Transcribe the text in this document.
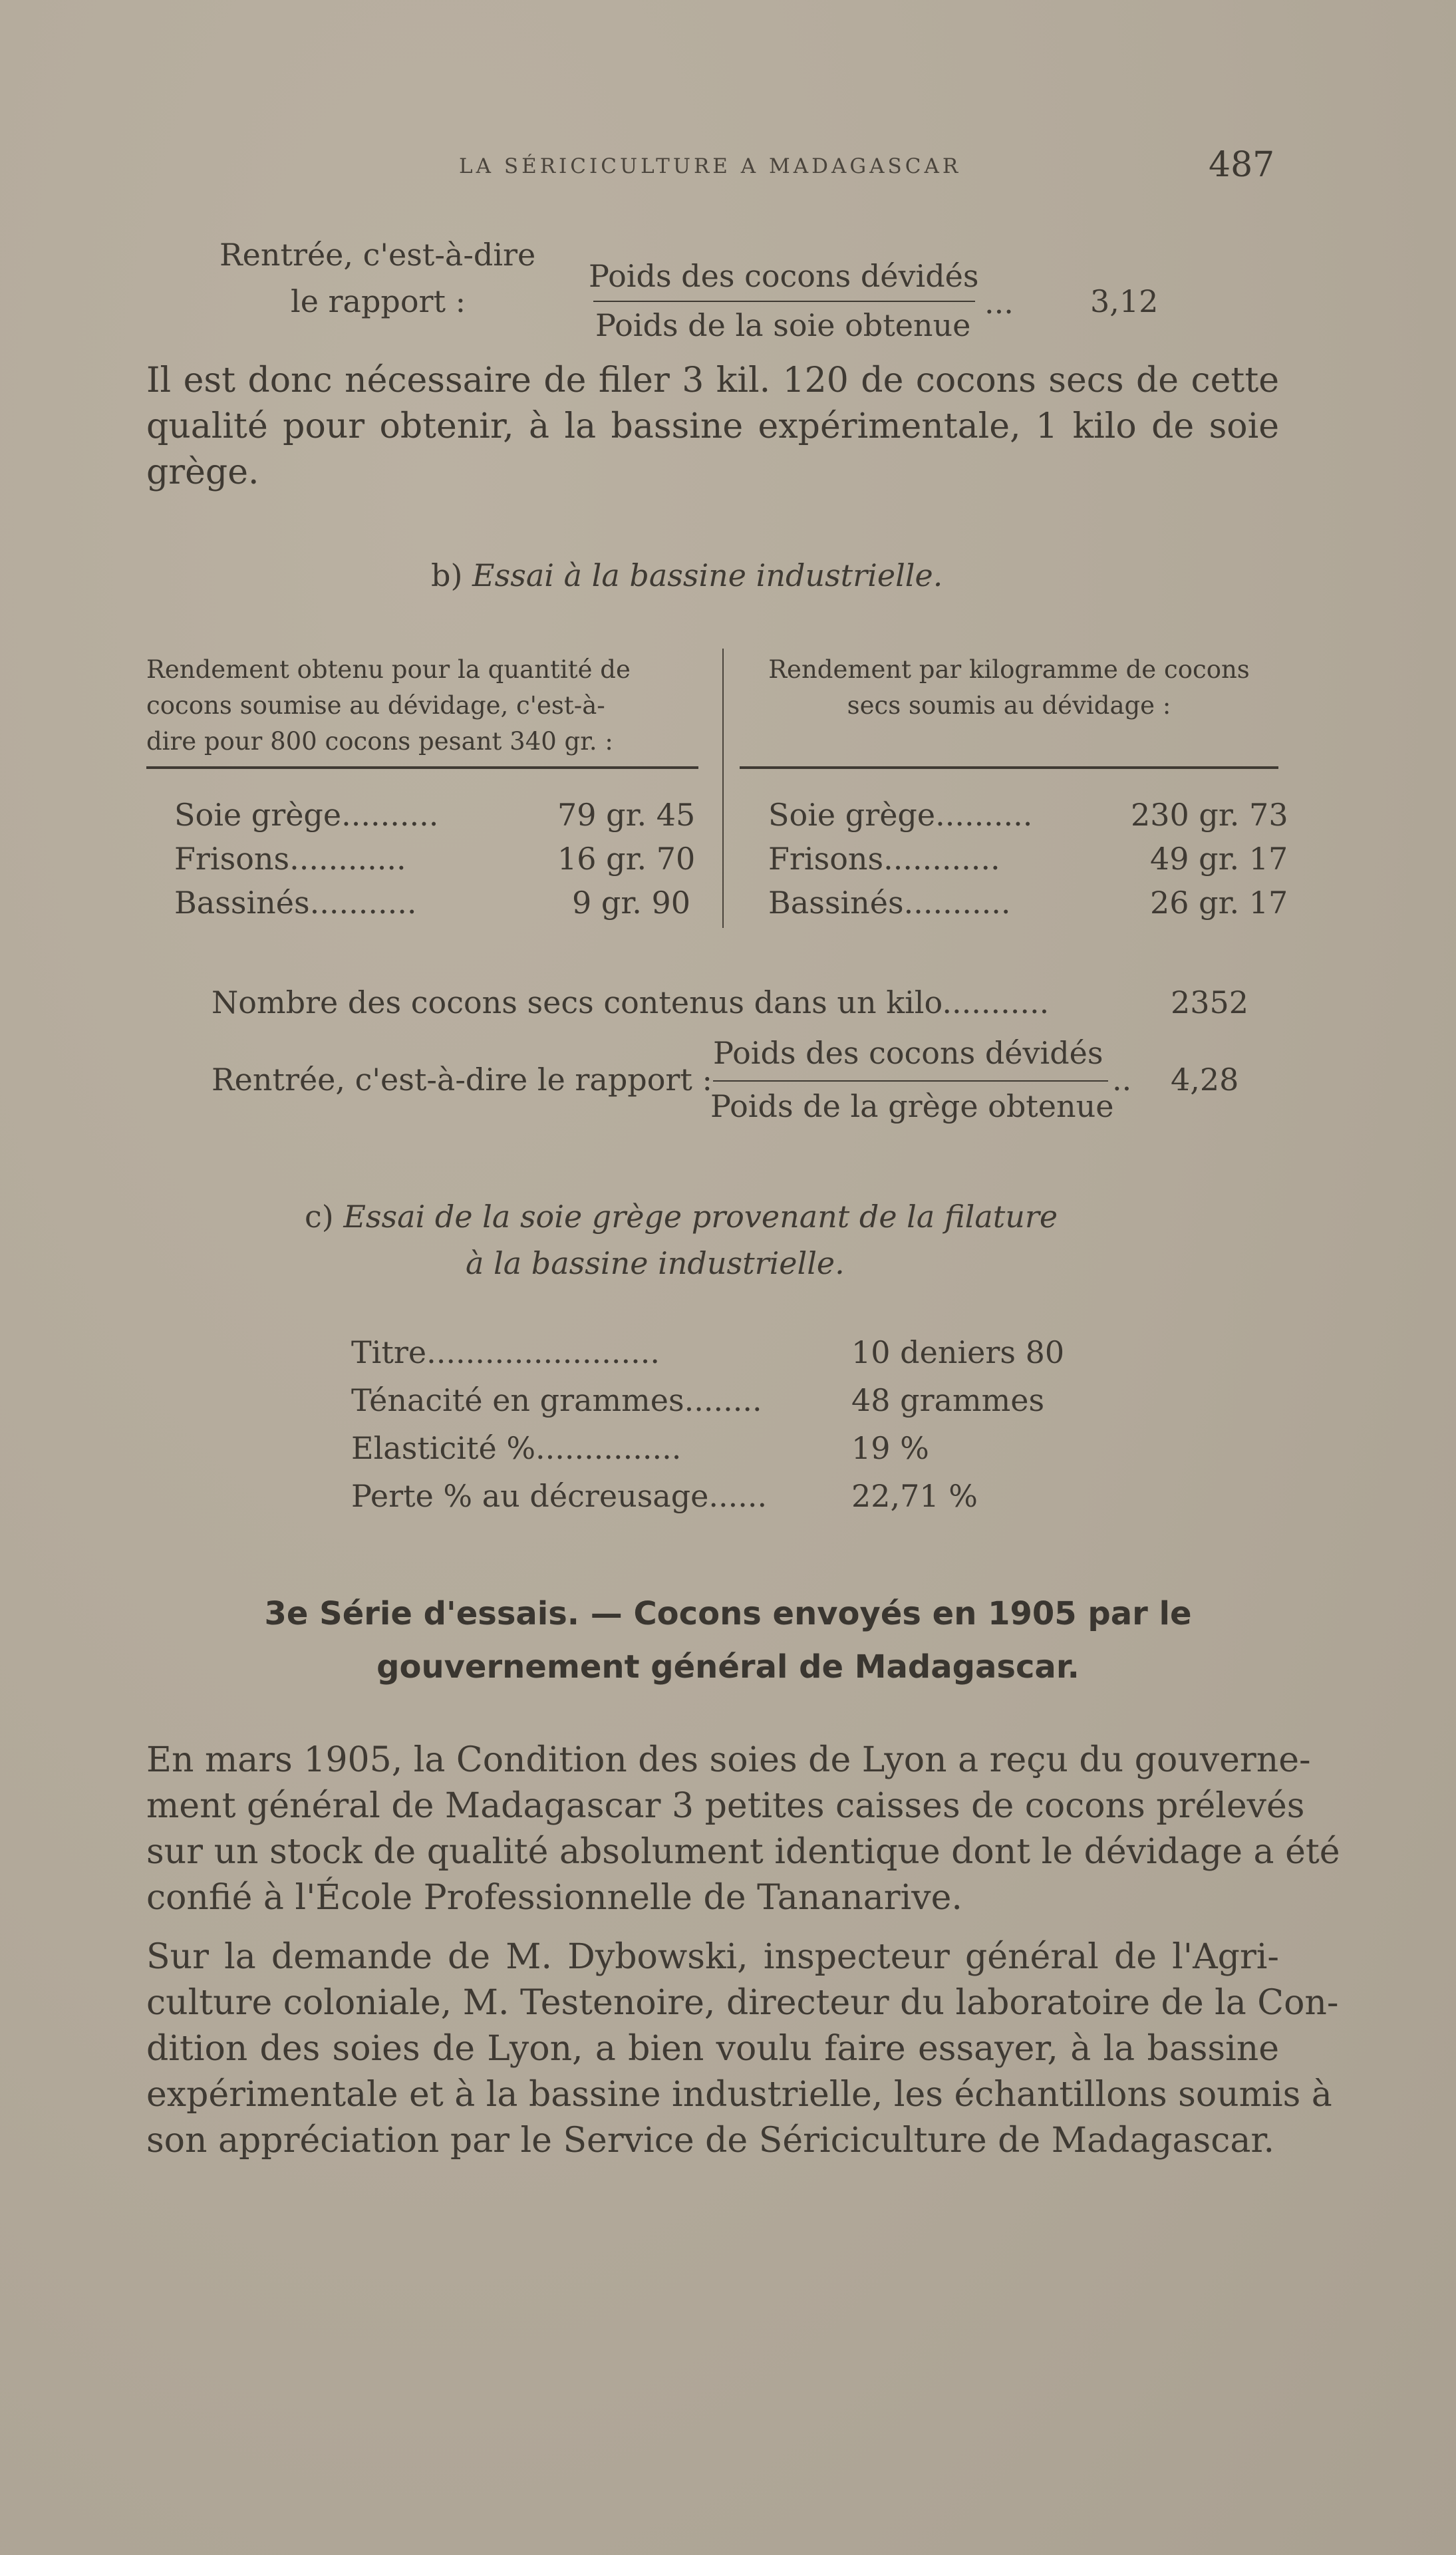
LA SÉRICICULTURE A MADAGASCAR	487
Rentrée, c'est-à-dire
le rapport :
Poids des cocons dévidés
Poids de la soie obtenue
...	3,12
Il est donc nécessaire de filer 3 kil. 120 de cocons secs de cette
qualité pour obtenir, à la bassine expérimentale, 1 kilo de soie
grège.
b) Essai à la bassine industrielle.
Rendement obtenu pour la quantité de
cocons soumise au dévidage, c'est-à-
dire pour 800 cocons pesant 340 gr. :
Rendement par kilogramme de cocons
secs soumis au dévidage :
Soie grège..........	79 gr. 45 Soie grège..........	230 gr. 73
Frisons............	16 gr. 70 Frisons............	49 gr. 17
Bassinés...........	9 gr. 90	Bassinés...........	26 gr. 17
Nombre des cocons secs contenus dans un kilo...........	2352
Rentrée, c'est-à-dire le rapport :
Poids des cocons dévidés
Poids de la grège obtenue
.. 4,28
c) Essai de la soie grège provenant de la filature
à la bassine industrielle.
Titre........................	10 deniers 80
Ténacité en grammes........	48 grammes
Elasticité %...............	19 %
Perte % au décreusage......	22,71 %
3e Série d'essais. — Cocons envoyés en 1905 par le
gouvernement général de Madagascar.
En mars 1905, la Condition des soies de Lyon a reçu du gouverne-
ment général de Madagascar 3 petites caisses de cocons prélevés
sur un stock de qualité absolument identique dont le dévidage a été
confié à l'École Professionnelle de Tananarive.
Sur la demande de M. Dybowski, inspecteur général de l'Agri-
culture coloniale, M. Testenoire, directeur du laboratoire de la Con-
dition des soies de Lyon, a bien voulu faire essayer, à la bassine
expérimentale et à la bassine industrielle, les échantillons soumis à
son appréciation par le Service de Sériciculture de Madagascar.
